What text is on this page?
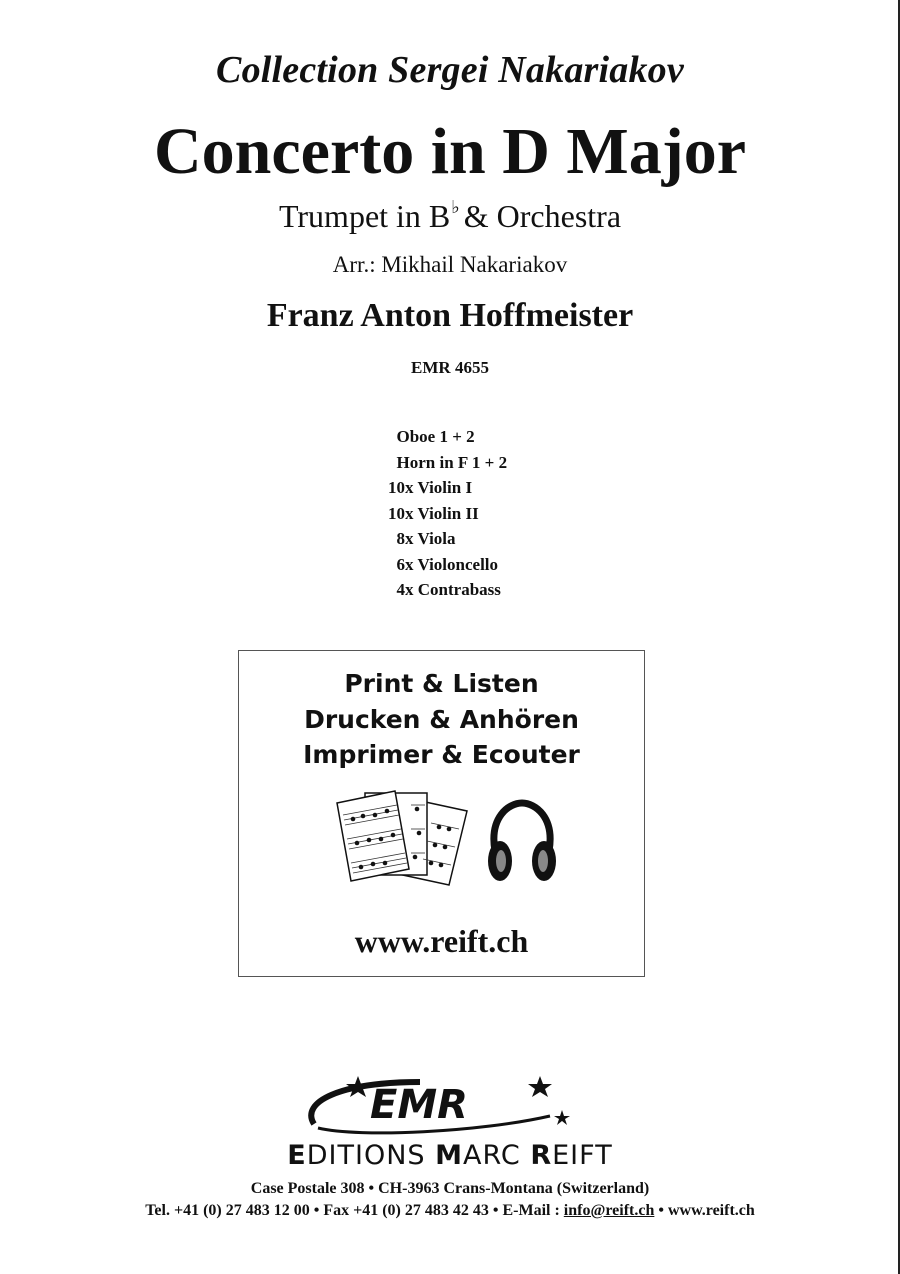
Collection Sergei Nakariakov
Concerto in D Major
Trumpet in B♭ & Orchestra
Arr.: Mikhail Nakariakov
Franz Anton Hoffmeister
EMR 4655
Oboe 1 + 2
Horn in F 1 + 2
10x Violin I
10x Violin II
8x Viola
6x Violoncello
4x Contrabass
Print & Listen
Drucken & Anhören
Imprimer & Ecouter
www.reift.ch
EMR
EDITIONS MARC REIFT
Case Postale 308 • CH-3963 Crans-Montana (Switzerland)
Tel. +41 (0) 27 483 12 00 • Fax +41 (0) 27 483 42 43 • E-Mail : info@reift.ch • www.reift.ch
